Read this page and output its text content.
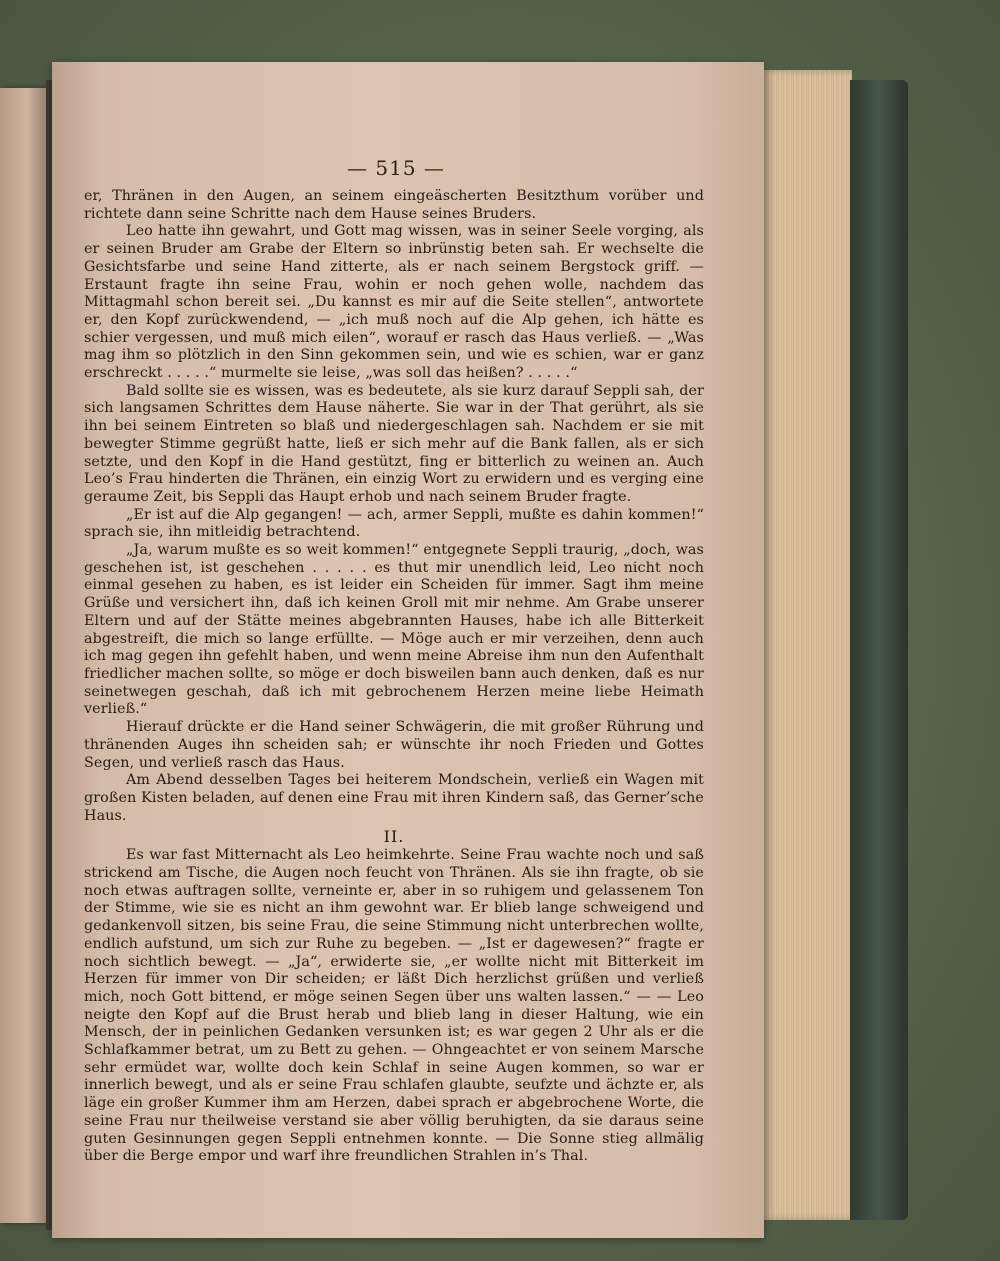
— 515 —

er, Thränen in den Augen, an seinem eingeäscherten Besitzthum vorüber und richtete dann seine Schritte nach dem Hause seines Bruders.

Leo hatte ihn gewahrt, und Gott mag wissen, was in seiner Seele vorging, als er seinen Bruder am Grabe der Eltern so inbrünstig beten sah. Er wechselte die Gesichtsfarbe und seine Hand zitterte, als er nach seinem Bergstock griff. — Erstaunt fragte ihn seine Frau, wohin er noch gehen wolle, nachdem das Mittagmahl schon bereit sei. „Du kannst es mir auf die Seite stellen“, antwortete er, den Kopf zurückwendend, — „ich muß noch auf die Alp gehen, ich hätte es schier vergessen, und muß mich eilen“, worauf er rasch das Haus verließ. — „Was mag ihm so plötzlich in den Sinn gekommen sein, und wie es schien, war er ganz erschreckt . . . . .“ murmelte sie leise, „was soll das heißen? . . . . .“

Bald sollte sie es wissen, was es bedeutete, als sie kurz darauf Seppli sah, der sich langsamen Schrittes dem Hause näherte. Sie war in der That gerührt, als sie ihn bei seinem Eintreten so blaß und niedergeschlagen sah. Nachdem er sie mit bewegter Stimme gegrüßt hatte, ließ er sich mehr auf die Bank fallen, als er sich setzte, und den Kopf in die Hand gestützt, fing er bitterlich zu weinen an. Auch Leo’s Frau hinderten die Thränen, ein einzig Wort zu erwidern und es verging eine geraume Zeit, bis Seppli das Haupt erhob und nach seinem Bruder fragte.

„Er ist auf die Alp gegangen! — ach, armer Seppli, mußte es dahin kommen!“ sprach sie, ihn mitleidig betrachtend.

„Ja, warum mußte es so weit kommen!“ entgegnete Seppli traurig, „doch, was geschehen ist, ist geschehen . . . . . es thut mir unendlich leid, Leo nicht noch einmal gesehen zu haben, es ist leider ein Scheiden für immer. Sagt ihm meine Grüße und versichert ihn, daß ich keinen Groll mit mir nehme. Am Grabe unserer Eltern und auf der Stätte meines abgebrannten Hauses, habe ich alle Bitterkeit abgestreift, die mich so lange erfüllte. — Möge auch er mir verzeihen, denn auch ich mag gegen ihn gefehlt haben, und wenn meine Abreise ihm nun den Aufenthalt friedlicher machen sollte, so möge er doch bisweilen bann auch denken, daß es nur seinetwegen geschah, daß ich mit gebrochenem Herzen meine liebe Heimath verließ.“

Hierauf drückte er die Hand seiner Schwägerin, die mit großer Rührung und thränenden Auges ihn scheiden sah; er wünschte ihr noch Frieden und Gottes Segen, und verließ rasch das Haus.

Am Abend desselben Tages bei heiterem Mondschein, verließ ein Wagen mit großen Kisten beladen, auf denen eine Frau mit ihren Kindern saß, das Gerner’sche Haus.

II.

Es war fast Mitternacht als Leo heimkehrte. Seine Frau wachte noch und saß strickend am Tische, die Augen noch feucht von Thränen. Als sie ihn fragte, ob sie noch etwas auftragen sollte, verneinte er, aber in so ruhigem und gelassenem Ton der Stimme, wie sie es nicht an ihm gewohnt war. Er blieb lange schweigend und gedankenvoll sitzen, bis seine Frau, die seine Stimmung nicht unterbrechen wollte, endlich aufstund, um sich zur Ruhe zu begeben. — „Ist er dagewesen?“ fragte er noch sichtlich bewegt. — „Ja“, erwiderte sie, „er wollte nicht mit Bitterkeit im Herzen für immer von Dir scheiden; er läßt Dich herzlichst grüßen und verließ mich, noch Gott bittend, er möge seinen Segen über uns walten lassen.“ — — Leo neigte den Kopf auf die Brust herab und blieb lang in dieser Haltung, wie ein Mensch, der in peinlichen Gedanken versunken ist; es war gegen 2 Uhr als er die Schlafkammer betrat, um zu Bett zu gehen. — Ohngeachtet er von seinem Marsche sehr ermüdet war, wollte doch kein Schlaf in seine Augen kommen, so war er innerlich bewegt, und als er seine Frau schlafen glaubte, seufzte und ächzte er, als läge ein großer Kummer ihm am Herzen, dabei sprach er abgebrochene Worte, die seine Frau nur theilweise verstand sie aber völlig beruhigten, da sie daraus seine guten Gesinnungen gegen Seppli entnehmen konnte. — Die Sonne stieg allmälig über die Berge empor und warf ihre freundlichen Strahlen in’s Thal.
